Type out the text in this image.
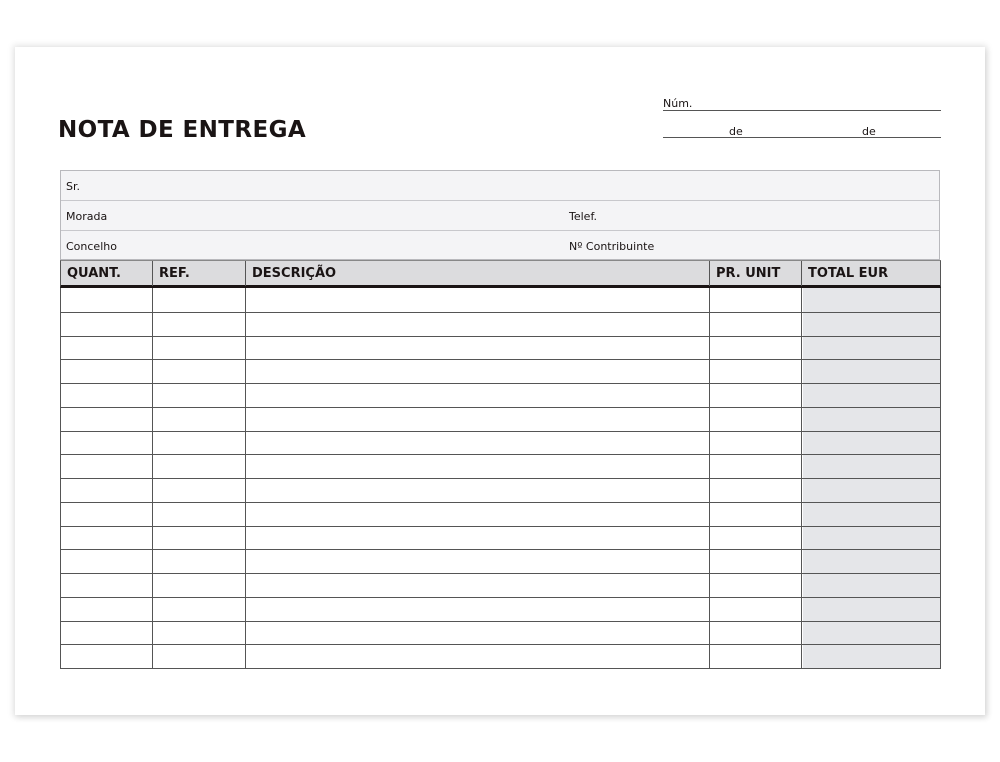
NOTA DE ENTREGA
Núm.
de	de
Sr.
Morada	Telef.
Concelho	Nº Contribuinte
QUANT.	REF.	DESCRIÇÃO	PR. UNIT	TOTAL EUR
